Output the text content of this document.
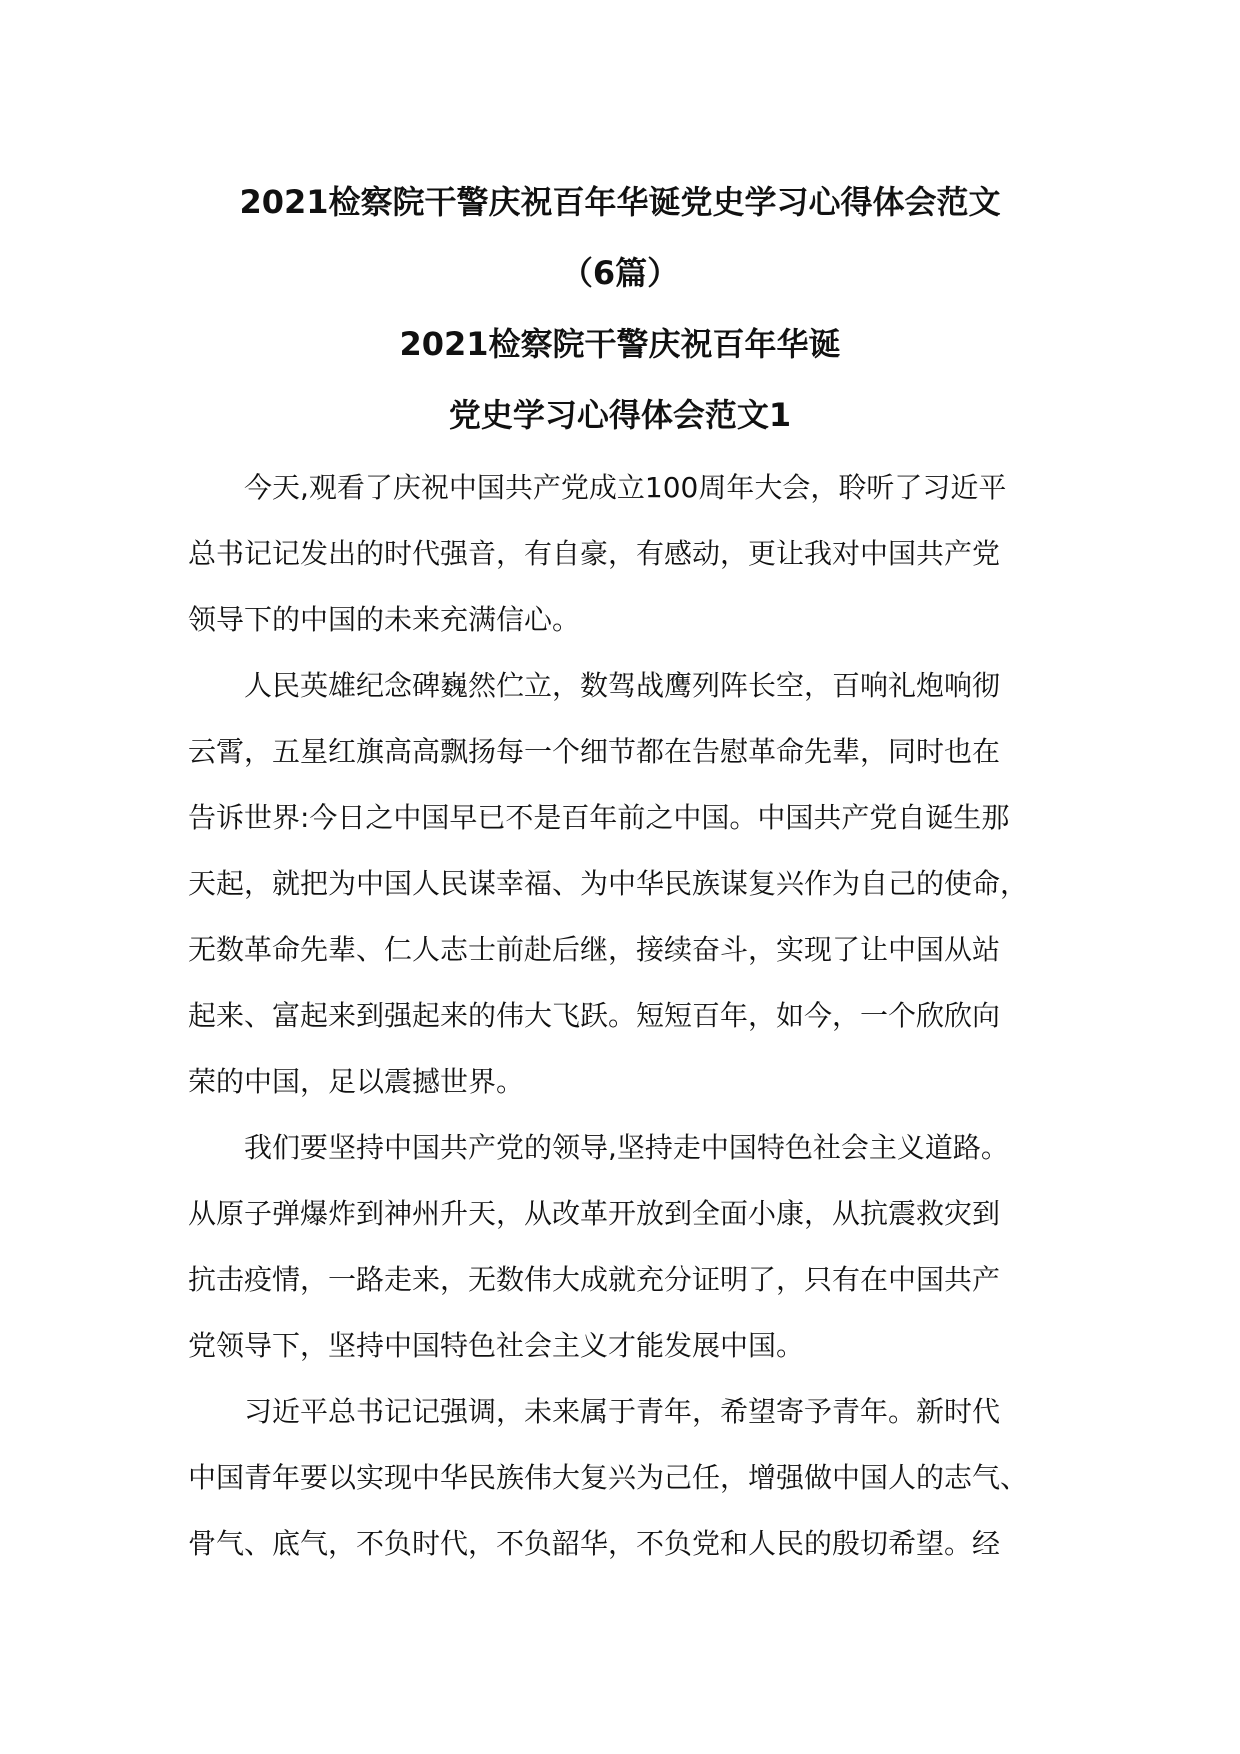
2021检察院干警庆祝百年华诞党史学习心得体会范文
（6篇）
2021检察院干警庆祝百年华诞
党史学习心得体会范文1

今天,观看了庆祝中国共产党成立100周年大会，聆听了习近平
总书记记发出的时代强音，有自豪，有感动，更让我对中国共产党
领导下的中国的未来充满信心。

人民英雄纪念碑巍然伫立，数驾战鹰列阵长空，百响礼炮响彻
云霄，五星红旗高高飘扬每一个细节都在告慰革命先辈，同时也在
告诉世界:今日之中国早已不是百年前之中国。中国共产党自诞生那
天起，就把为中国人民谋幸福、为中华民族谋复兴作为自己的使命，
无数革命先辈、仁人志士前赴后继，接续奋斗，实现了让中国从站
起来、富起来到强起来的伟大飞跃。短短百年，如今，一个欣欣向
荣的中国，足以震撼世界。

我们要坚持中国共产党的领导,坚持走中国特色社会主义道路。
从原子弹爆炸到神州升天，从改革开放到全面小康，从抗震救灾到
抗击疫情，一路走来，无数伟大成就充分证明了，只有在中国共产
党领导下，坚持中国特色社会主义才能发展中国。

习近平总书记记强调，未来属于青年，希望寄予青年。新时代
中国青年要以实现中华民族伟大复兴为己任，增强做中国人的志气、
骨气、底气，不负时代，不负韶华，不负党和人民的殷切希望。经
